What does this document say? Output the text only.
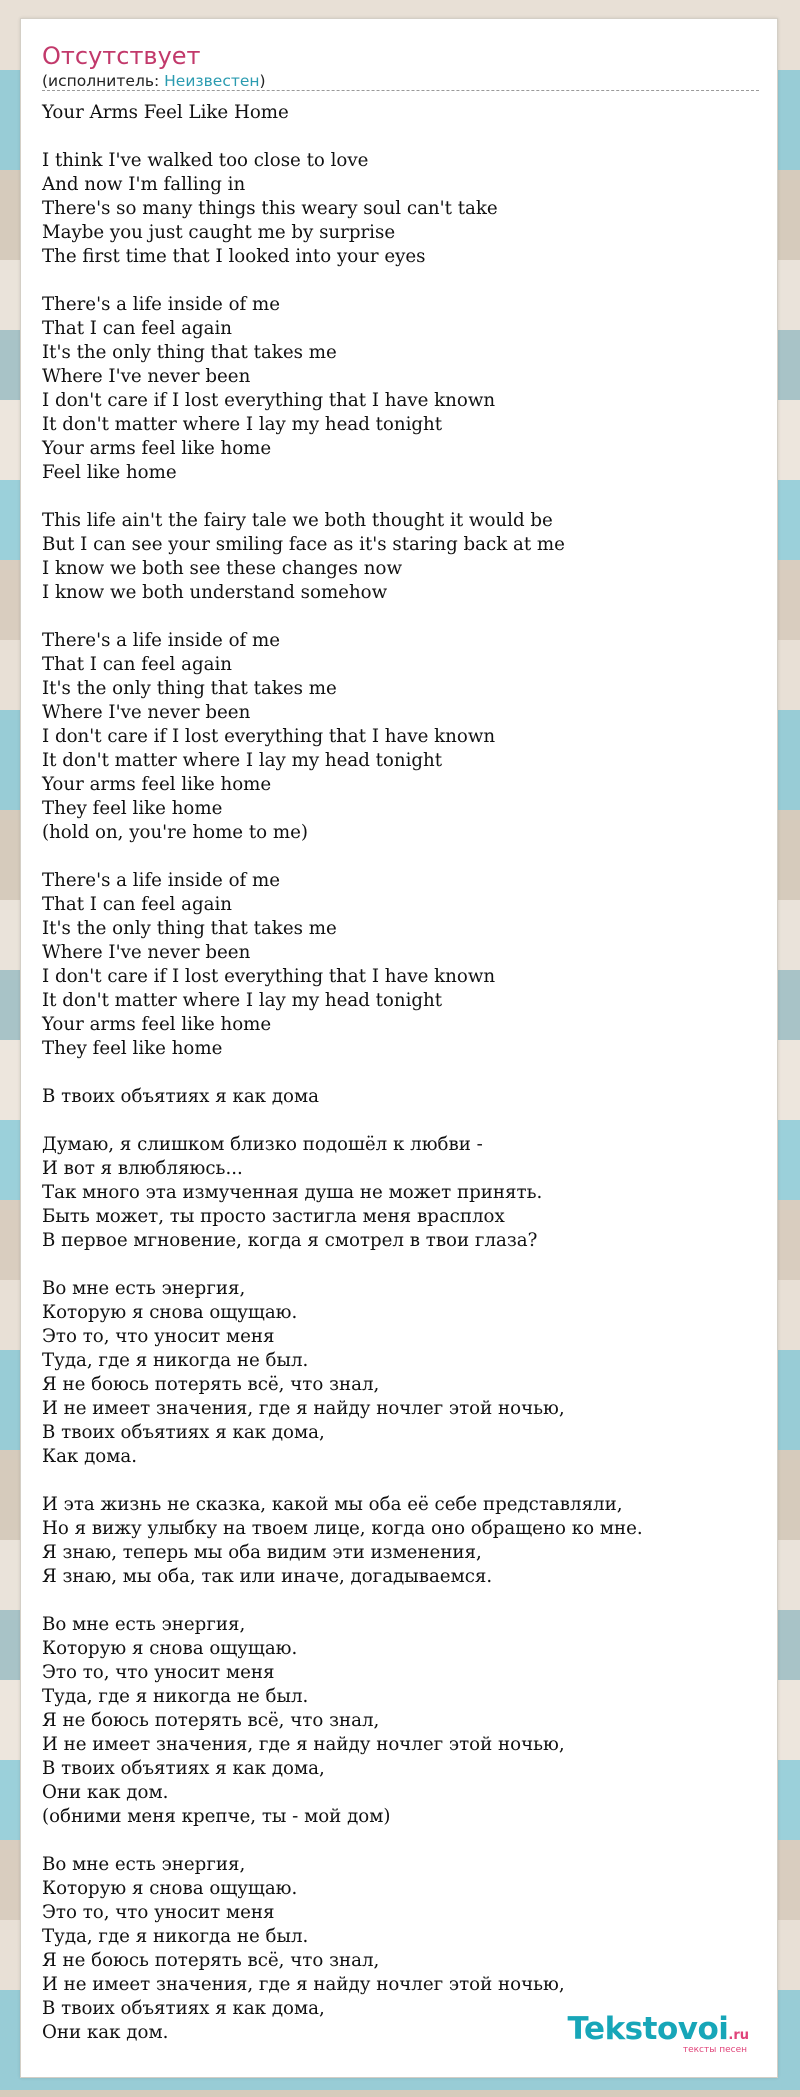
Отсутствует
(исполнитель: Неизвестен)
Your Arms Feel Like Home

I think I've walked too close to love
And now I'm falling in
There's so many things this weary soul can't take
Maybe you just caught me by surprise
The first time that I looked into your eyes

There's a life inside of me
That I can feel again
It's the only thing that takes me
Where I've never been
I don't care if I lost everything that I have known
It don't matter where I lay my head tonight
Your arms feel like home
Feel like home

This life ain't the fairy tale we both thought it would be
But I can see your smiling face as it's staring back at me
I know we both see these changes now
I know we both understand somehow

There's a life inside of me
That I can feel again
It's the only thing that takes me
Where I've never been
I don't care if I lost everything that I have known
It don't matter where I lay my head tonight
Your arms feel like home
They feel like home
(hold on, you're home to me)

There's a life inside of me
That I can feel again
It's the only thing that takes me
Where I've never been
I don't care if I lost everything that I have known
It don't matter where I lay my head tonight
Your arms feel like home
They feel like home

В твоих объятиях я как дома

Думаю, я слишком близко подошёл к любви -
И вот я влюбляюсь...
Так много эта измученная душа не может принять.
Быть может, ты просто застигла меня врасплох
В первое мгновение, когда я смотрел в твои глаза?

Во мне есть энергия,
Которую я снова ощущаю.
Это то, что уносит меня
Туда, где я никогда не был.
Я не боюсь потерять всё, что знал,
И не имеет значения, где я найду ночлег этой ночью,
В твоих объятиях я как дома,
Как дома.

И эта жизнь не сказка, какой мы оба её себе представляли,
Но я вижу улыбку на твоем лице, когда оно обращено ко мне.
Я знаю, теперь мы оба видим эти изменения,
Я знаю, мы оба, так или иначе, догадываемся.

Во мне есть энергия,
Которую я снова ощущаю.
Это то, что уносит меня
Туда, где я никогда не был.
Я не боюсь потерять всё, что знал,
И не имеет значения, где я найду ночлег этой ночью,
В твоих объятиях я как дома,
Они как дом.
(обними меня крепче, ты - мой дом)

Во мне есть энергия,
Которую я снова ощущаю.
Это то, что уносит меня
Туда, где я никогда не был.
Я не боюсь потерять всё, что знал,
И не имеет значения, где я найду ночлег этой ночью,
В твоих объятиях я как дома,
Они как дом.	Tekstovoi.ru
тексты песен
